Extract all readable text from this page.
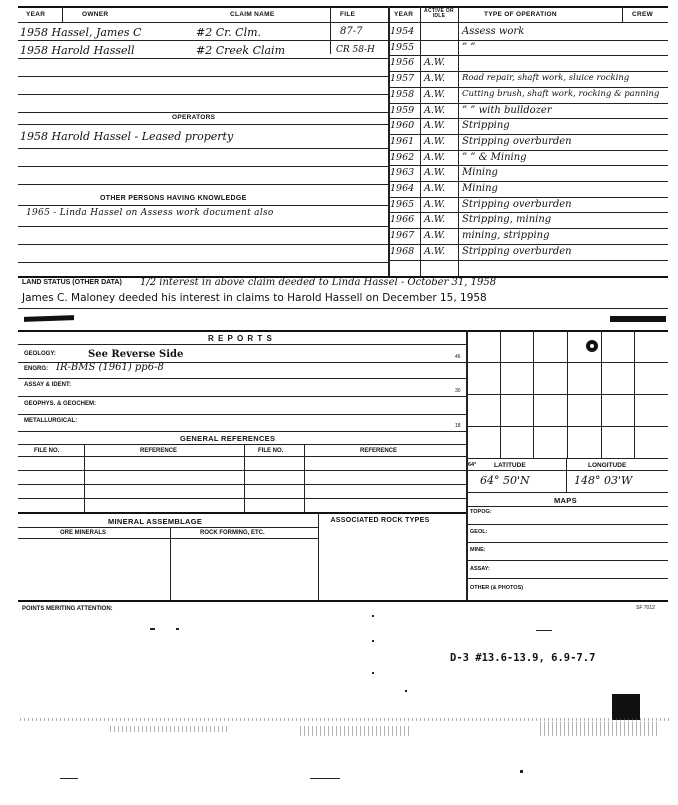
YEAR	OWNER	CLAIM NAME	FILE	YEAR ACTIVE OR IDLE	TYPE OF OPERATION	CREW
1958 Hassel, James C	#2 Cr. Clm.	87-7
1958 Harold Hassell	#2 Creek Claim	CR 58-H
OPERATORS
1958 Harold Hassel - Leased property
OTHER PERSONS HAVING KNOWLEDGE
1965 - Linda Hassel on Assess work document also
1954	Assess work
1955	” ”
1956 A.W.
1957 A.W. Road repair, shaft work, sluice rocking
1958 A.W. Cutting brush, shaft work, rocking & panning
1959 A.W. ” ” with bulldozer
1960 A.W. Stripping
1961 A.W. Stripping overburden
1962 A.W. ” ” & Mining
1963 A.W. Mining
1964 A.W. Mining
1965 A.W. Stripping overburden
1966 A.W. Stripping, mining
1967 A.W. mining, stripping
1968 A.W. Stripping overburden
LAND STATUS (OTHER DATA) 1/2 interest in above claim deeded to Linda Hassel - October 31, 1958
James C. Maloney deeded his interest in claims to Harold Hassell on December 15, 1958
R E P O R T S
GEOLOGY:	See Reverse Side	46
ENGRG: IR-BMS (1961) pp6-8
ASSAY & IDENT:
30
GEOPHYS. & GEOCHEM:
METALLURGICAL:
18
GENERAL REFERENCES
FILE NO.	REFERENCE	FILE NO.	REFERENCE
MINERAL ASSEMBLAGE	ASSOCIATED ROCK TYPES
ORE MINERALS	ROCK FORMING, ETC.
64°	LATITUDE	LONGITUDE
64° 50'N	148° 03'W
MAPS
TOPOG:
GEOL:
MINE:
ASSAY:
OTHER (& PHOTOS)
POINTS MERITING ATTENTION:	SF 7012
D-3 #13.6-13.9, 6.9-7.7
